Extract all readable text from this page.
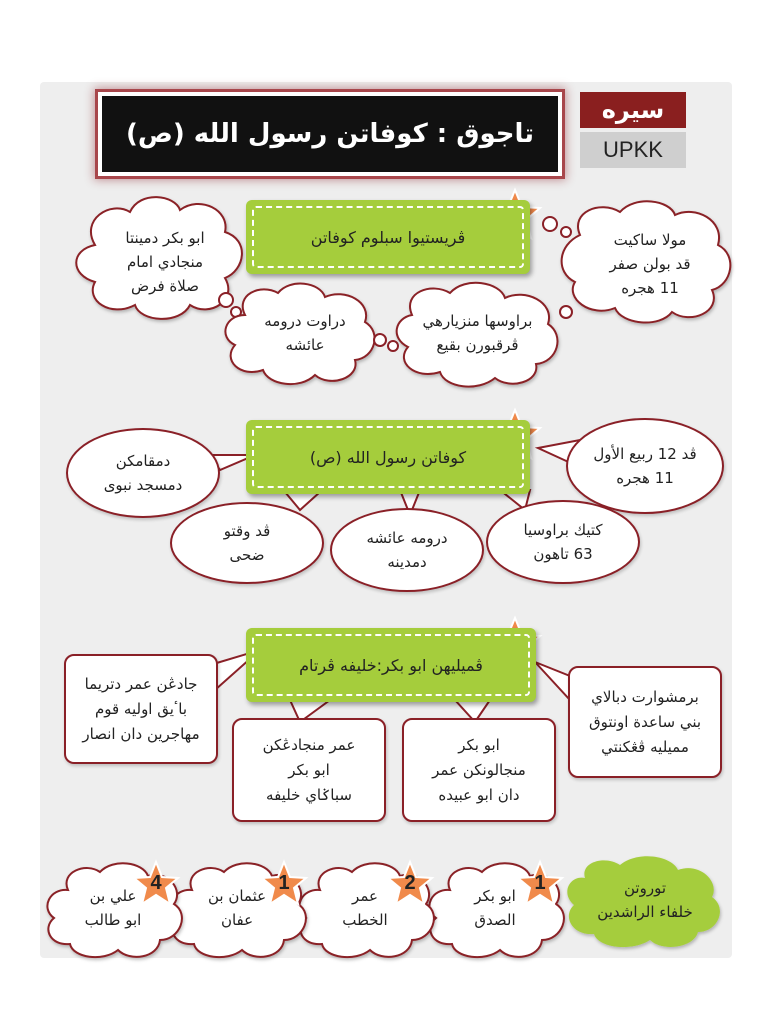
تاجوق : كوفاتن رسول الله (ص)
سيره
UPKK
ڤريستيوا سبلوم كوفاتن
ابو بكر دمينتا
منجادي امام
صلاة فرض
مولا ساكيت
قد بولن صفر
11 هجره
دراوت درومه
عائشه
براوسها منزيارهي
ڤرقبورن بقيع
كوفاتن رسول الله (ص)
دمقامكن
دمسجد نبوى
ڤد 12 ربيع الأول
11 هجره
ڤد وقتو
ضحى
درومه عائشه
دمدينه
كتيك براوسيا
63 تاهون
ڤميليهن ابو بكر:خليفه ڤرتام
جادڠن عمر دتريما
باٴيق اوليه قوم
مهاجرين دان انصار
برمشوارت دبالاي
بني ساعدة اونتوق
مميليه ڤڠكنتي
عمر منجادڠكن
ابو بكر
سباݢاي خليفه
ابو بكر
منجالونكن عمر
دان ابو عبيده
توروتن
خلفاء الراشدين
1
ابو بكر
الصدق
2
عمر
الخطب
1
عثمان بن
عفان
4
علي بن
ابو طالب
